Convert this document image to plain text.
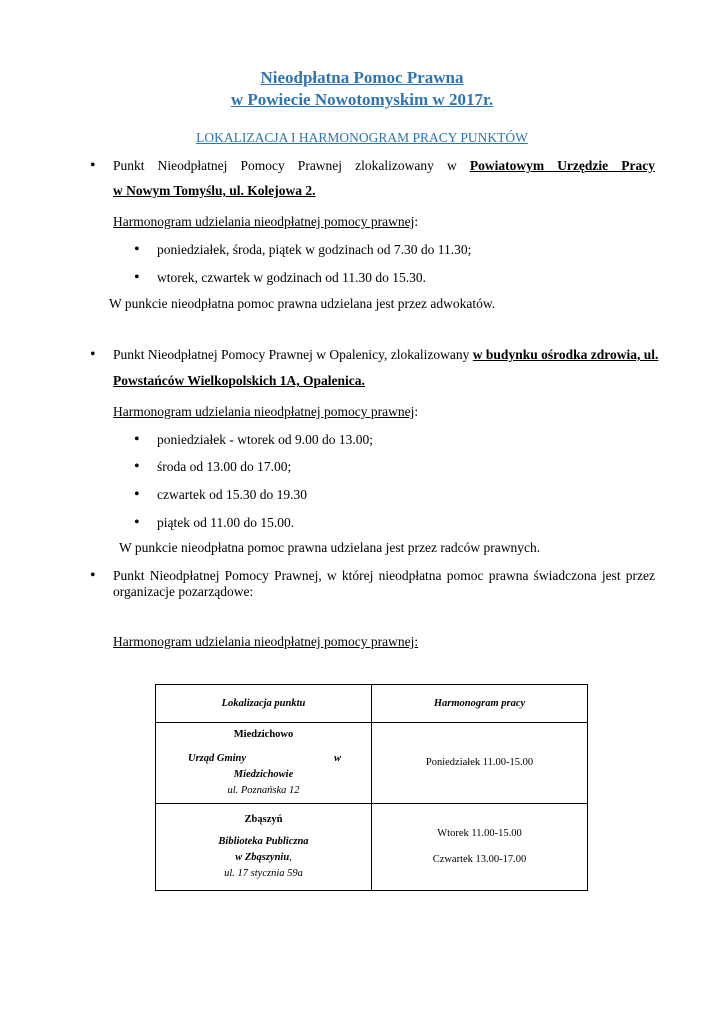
Nieodpłatna Pomoc Prawna
w Powiecie Nowotomyskim w 2017r.
LOKALIZACJA I HARMONOGRAM PRACY PUNKTÓW
• Punkt Nieodpłatnej Pomocy Prawnej zlokalizowany w Powiatowym Urzędzie Pracy
w Nowym Tomyślu, ul. Kolejowa 2.
Harmonogram udzielania nieodpłatnej pomocy prawnej:
• poniedziałek, środa, piątek w godzinach od 7.30 do 11.30;
• wtorek, czwartek w godzinach od 11.30 do 15.30.
W punkcie nieodpłatna pomoc prawna udzielana jest przez adwokatów.
• Punkt Nieodpłatnej Pomocy Prawnej w Opalenicy, zlokalizowany w budynku ośrodka zdrowia, ul.
Powstańców Wielkopolskich 1A, Opalenica.
Harmonogram udzielania nieodpłatnej pomocy prawnej:
• poniedziałek - wtorek od 9.00 do 13.00;
• środa od 13.00 do 17.00;
• czwartek od 15.30 do 19.30
• piątek od 11.00 do 15.00.
W punkcie nieodpłatna pomoc prawna udzielana jest przez radców prawnych.
• Punkt Nieodpłatnej Pomocy Prawnej, w której nieodpłatna pomoc prawna świadczona jest przez
organizacje pozarządowe:
Harmonogram udzielania nieodpłatnej pomocy prawnej:
Lokalizacja punktu	Harmonogram pracy

Miedzichowo
Urząd Gminy w
Miedzichowie
ul. Poznańska 12	Poniedziałek 11.00-15.00

Zbąszyń
Biblioteka Publiczna
w Zbąszyniu,
ul. 17 stycznia 59a	Wtorek 11.00-15.00
Czwartek 13.00-17.00
